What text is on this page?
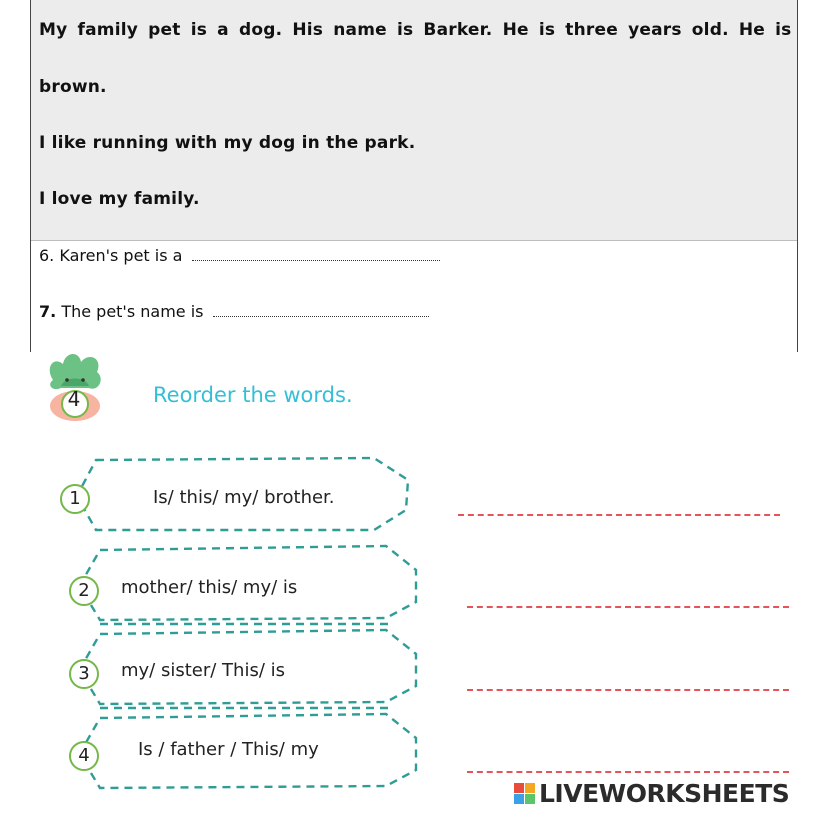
My family pet is a dog. His name is Barker. He is three years old. He is
brown.
I like running with my dog in the park.
I love my family.
6. Karen's pet is a
7. The pet's name is
4	Reorder the words.
1	Is/ this/ my/ brother.
2	mother/ this/ my/ is
3	my/ sister/ This/ is
4	Is / father / This/ my
LIVEWORKSHEETS
